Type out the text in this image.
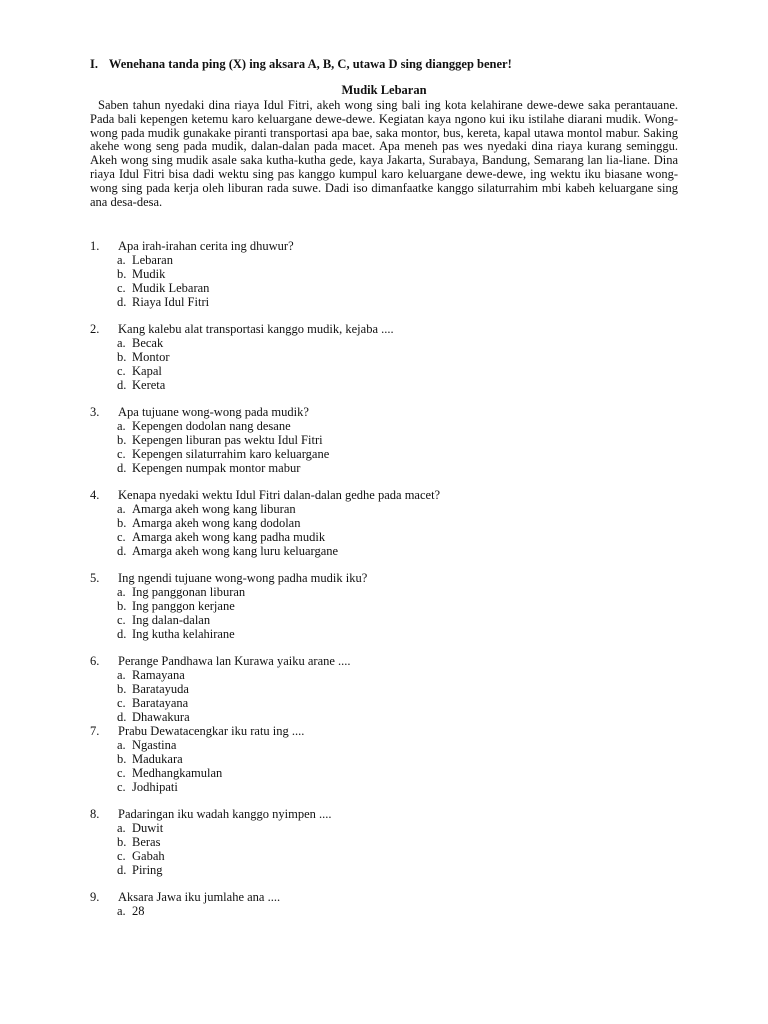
I. Wenehana tanda ping (X) ing aksara A, B, C, utawa D sing dianggep bener!
Mudik Lebaran
Saben tahun nyedaki dina riaya Idul Fitri, akeh wong sing bali ing kota kelahirane dewe-dewe saka perantauane. Pada bali kepengen ketemu karo keluargane dewe-dewe. Kegiatan kaya ngono kui iku istilahe diarani mudik. Wong-wong pada mudik gunakake piranti transportasi apa bae, saka montor, bus, kereta, kapal utawa montol mabur. Saking akehe wong seng pada mudik, dalan-dalan pada macet. Apa meneh pas wes nyedaki dina riaya kurang seminggu. Akeh wong sing mudik asale saka kutha-kutha gede, kaya Jakarta, Surabaya, Bandung, Semarang lan lia-liane. Dina riaya Idul Fitri bisa dadi wektu sing pas kanggo kumpul karo keluargane dewe-dewe, ing wektu iku biasane wong-wong sing pada kerja oleh liburan rada suwe. Dadi iso dimanfaatke kanggo silaturrahim mbi kabeh keluargane sing ana desa-desa.
1.	Apa irah-irahan cerita ing dhuwur?
a. Lebaran
b. Mudik
c. Mudik Lebaran
d. Riaya Idul Fitri
2.	Kang kalebu alat transportasi kanggo mudik, kejaba ....
a. Becak
b. Montor
c. Kapal
d. Kereta
3.	Apa tujuane wong-wong pada mudik?
a. Kepengen dodolan nang desane
b. Kepengen liburan pas wektu Idul Fitri
c. Kepengen silaturrahim karo keluargane
d. Kepengen numpak montor mabur
4.	Kenapa nyedaki wektu Idul Fitri dalan-dalan gedhe pada macet?
a. Amarga akeh wong kang liburan
b. Amarga akeh wong kang dodolan
c. Amarga akeh wong kang padha mudik
d. Amarga akeh wong kang luru keluargane
5.	Ing ngendi tujuane wong-wong padha mudik iku?
a. Ing panggonan liburan
b. Ing panggon kerjane
c. Ing dalan-dalan
d. Ing kutha kelahirane
6.	Perange Pandhawa lan Kurawa yaiku arane ....
a. Ramayana
b. Baratayuda
c. Baratayana
d. Dhawakura
7.	Prabu Dewatacengkar iku ratu ing ....
a. Ngastina
b. Madukara
c. Medhangkamulan
c. Jodhipati
8.	Padaringan iku wadah kanggo nyimpen ....
a. Duwit
b. Beras
c. Gabah
d. Piring
9.	Aksara Jawa iku jumlahe ana ....
a. 28
